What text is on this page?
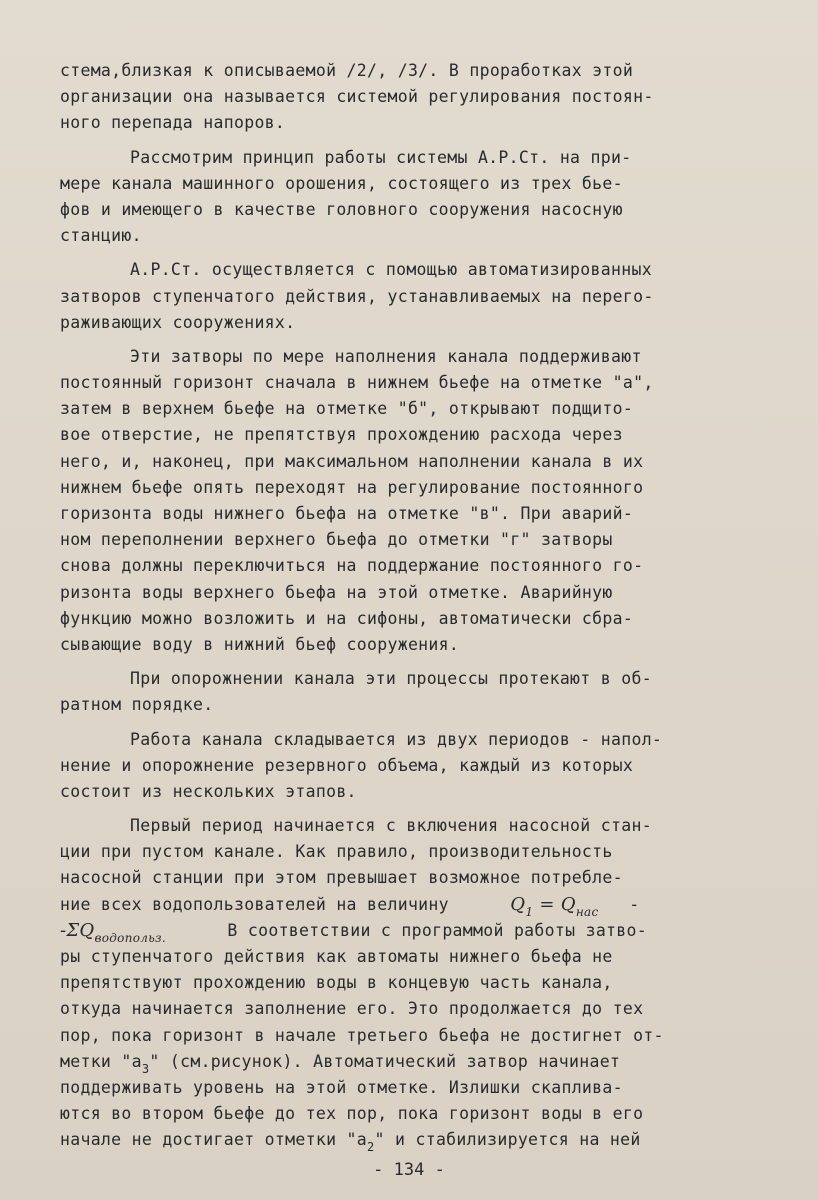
стема,близкая к описываемой /2/, /3/. В проработках этой
организации она называется системой регулирования постоян-
ного перепада напоров.
Рассмотрим принцип работы системы А.Р.Ст. на при-
мере канала машинного орошения, состоящего из трех бье-
фов и имеющего в качестве головного сооружения насосную
станцию.
А.Р.Ст. осуществляется с помощью автоматизированных
затворов ступенчатого действия, устанавливаемых на перего-
раживающих сооружениях.
Эти затворы по мере наполнения канала поддерживают
постоянный горизонт сначала в нижнем бьефе на отметке "а",
затем в верхнем бьефе на отметке "б", открывают подщито-
вое отверстие, не препятствуя прохождению расхода через
него, и, наконец, при максимальном наполнении канала в их
нижнем бьефе опять переходят на регулирование постоянного
горизонта воды нижнего бьефа на отметке "в". При аварий-
ном переполнении верхнего бьефа до отметки "г" затворы
снова должны переключиться на поддержание постоянного го-
ризонта воды верхнего бьефа на этой отметке. Аварийную
функцию можно возложить и на сифоны, автоматически сбра-
сывающие воду в нижний бьеф сооружения.
При опорожнении канала эти процессы протекают в об-
ратном порядке.
Работа канала складывается из двух периодов - напол-
нение и опорожнение резервного объема, каждый из которых
состоит из нескольких этапов.
Первый период начинается с включения насосной стан-
ции при пустом канале. Как правило, производительность
насосной станции при этом превышает возможное потребле-
ние всех водопользователей на величину	$Q_1 = Q_{нас}$ -
$-\Sigma Q_{водопольз.}$	В соответствии с программой работы затво-
ры ступенчатого действия как автоматы нижнего бьефа не
препятствуют прохождению воды в концевую часть канала,
откуда начинается заполнение его. Это продолжается до тех
пор, пока горизонт в начале третьего бьефа не достигнет от-
метки "$а_3$" (см.рисунок). Автоматический затвор начинает
поддерживать уровень на этой отметке. Излишки скаплива-
ются во втором бьефе до тех пор, пока горизонт воды в его
начале не достигает отметки "$а_2$" и стабилизируется на ней
- 134 -
